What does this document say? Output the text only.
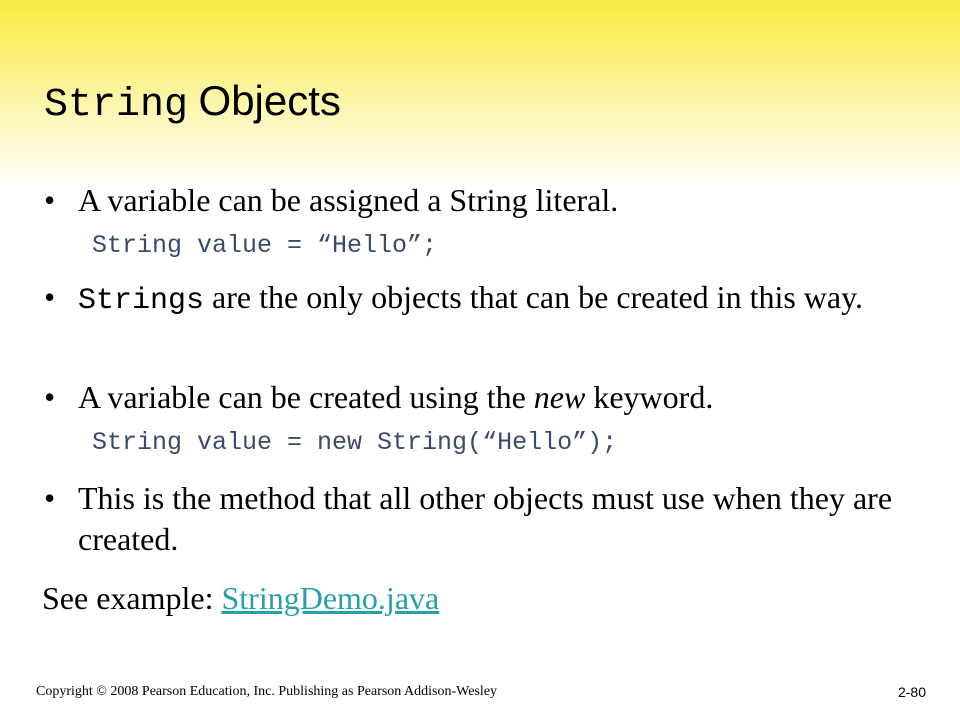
String Objects
• A variable can be assigned a String literal.
String value = “Hello”;
• Strings are the only objects that can be created in this way.
• A variable can be created using the new keyword.
String value = new String(“Hello”);
• This is the method that all other objects must use when they are created.
See example: StringDemo.java
Copyright © 2008 Pearson Education, Inc. Publishing as Pearson Addison-Wesley	2-80
